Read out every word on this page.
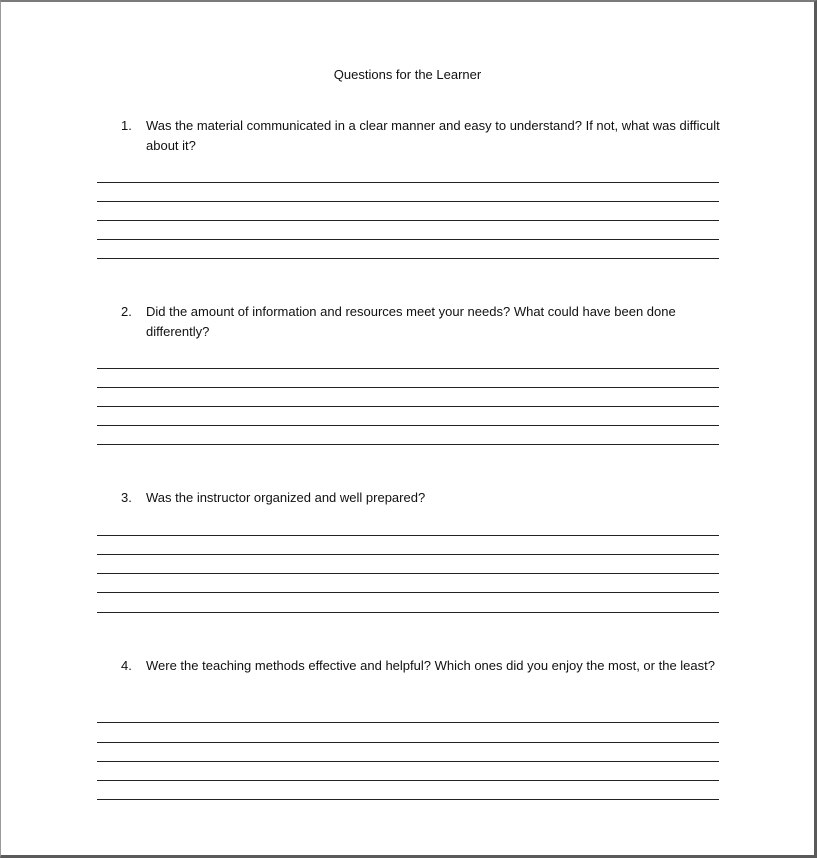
Questions for the Learner
1.	Was the material communicated in a clear manner and easy to understand? If not, what was difficult about it?
2.	Did the amount of information and resources meet your needs? What could have been done differently?
3.	Was the instructor organized and well prepared?
4.	Were the teaching methods effective and helpful? Which ones did you enjoy the most, or the least?
